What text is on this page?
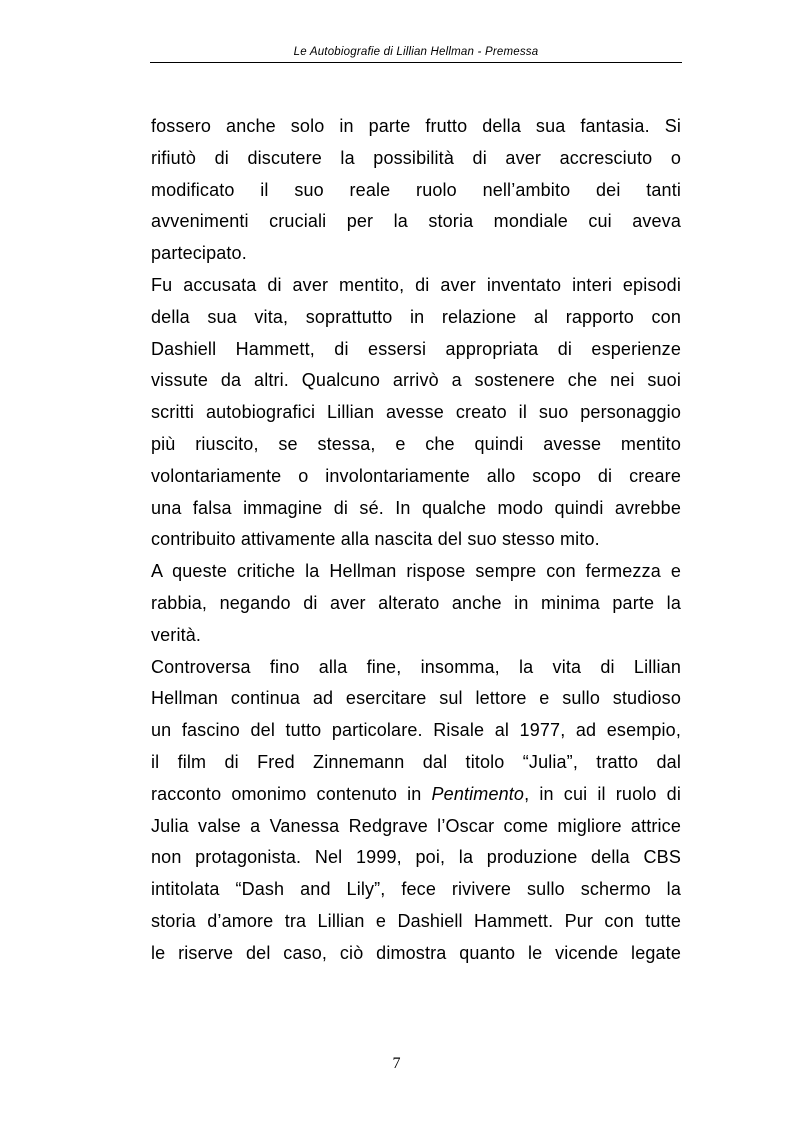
Le Autobiografie di Lillian Hellman - Premessa
fossero anche solo in parte frutto della sua fantasia. Si
rifiutò di discutere la possibilità di aver accresciuto o
modificato il suo reale ruolo nell’ambito dei tanti
avvenimenti cruciali per la storia mondiale cui aveva
partecipato.
Fu accusata di aver mentito, di aver inventato interi episodi
della sua vita, soprattutto in relazione al rapporto con
Dashiell Hammett, di essersi appropriata di esperienze
vissute da altri. Qualcuno arrivò a sostenere che nei suoi
scritti autobiografici Lillian avesse creato il suo personaggio
più riuscito, se stessa, e che quindi avesse mentito
volontariamente o involontariamente allo scopo di creare
una falsa immagine di sé. In qualche modo quindi avrebbe
contribuito attivamente alla nascita del suo stesso mito.
A queste critiche la Hellman rispose sempre con fermezza e
rabbia, negando di aver alterato anche in minima parte la
verità.
Controversa fino alla fine, insomma, la vita di Lillian
Hellman continua ad esercitare sul lettore e sullo studioso
un fascino del tutto particolare. Risale al 1977, ad esempio,
il film di Fred Zinnemann dal titolo “Julia”, tratto dal
racconto omonimo contenuto in Pentimento, in cui il ruolo di
Julia valse a Vanessa Redgrave l’Oscar come migliore attrice
non protagonista. Nel 1999, poi, la produzione della CBS
intitolata “Dash and Lily”, fece rivivere sullo schermo la
storia d’amore tra Lillian e Dashiell Hammett. Pur con tutte
le riserve del caso, ciò dimostra quanto le vicende legate
7
